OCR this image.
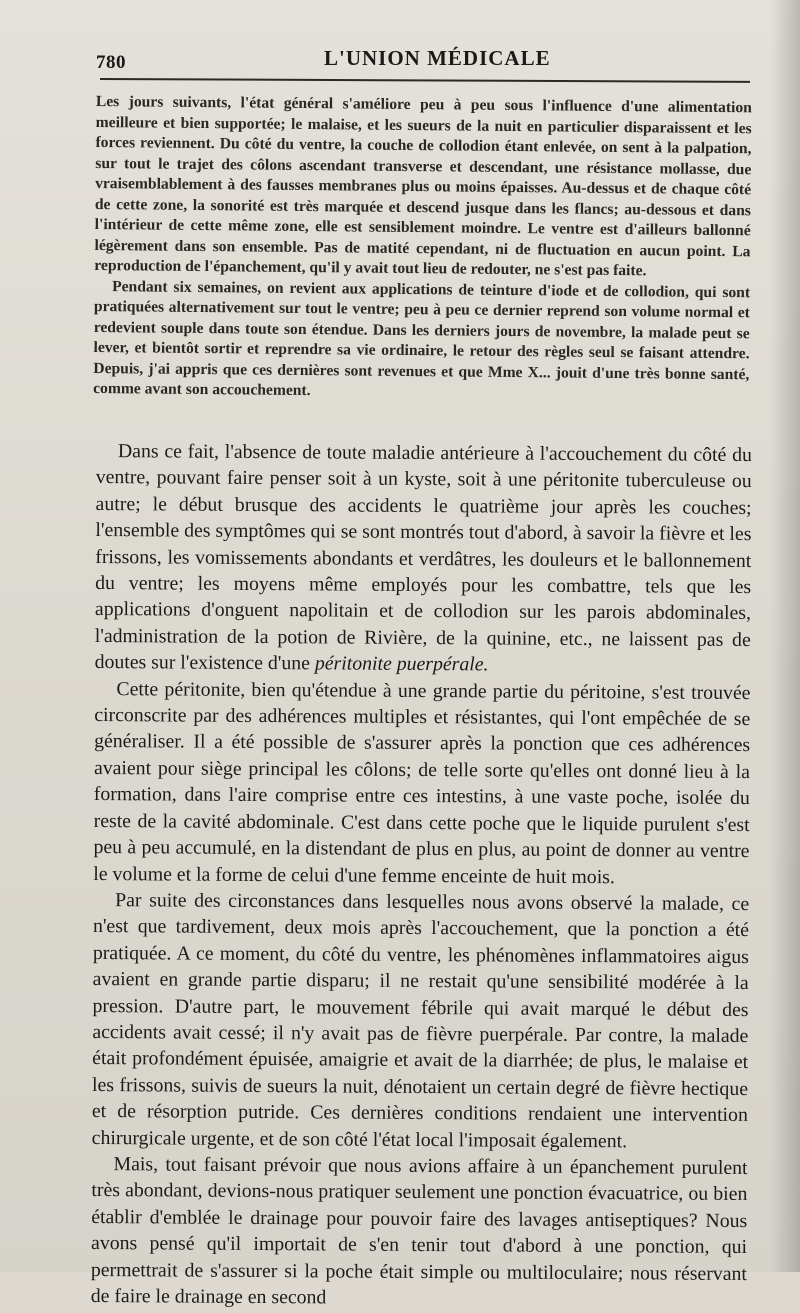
780	L'UNION MÉDICALE

Les jours suivants, l'état général s'améliore peu à peu sous l'influence d'une alimentation meilleure et bien supportée; le malaise, et les sueurs de la nuit en particulier disparaissent et les forces reviennent. Du côté du ventre, la couche de collodion étant enlevée, on sent à la palpation, sur tout le trajet des côlons ascendant transverse et descendant, une résistance mollasse, due vraisemblablement à des fausses membranes plus ou moins épaisses. Au-dessus et de chaque côté de cette zone, la sonorité est très marquée et descend jusque dans les flancs; au-dessous et dans l'intérieur de cette même zone, elle est sensiblement moindre. Le ventre est d'ailleurs ballonné légèrement dans son ensemble. Pas de matité cependant, ni de fluctuation en aucun point. La reproduction de l'épanchement, qu'il y avait tout lieu de redouter, ne s'est pas faite.

Pendant six semaines, on revient aux applications de teinture d'iode et de collodion, qui sont pratiquées alternativement sur tout le ventre; peu à peu ce dernier reprend son volume normal et redevient souple dans toute son étendue. Dans les derniers jours de novembre, la malade peut se lever, et bientôt sortir et reprendre sa vie ordinaire, le retour des règles seul se faisant attendre. Depuis, j'ai appris que ces dernières sont revenues et que Mme X... jouit d'une très bonne santé, comme avant son accouchement.

Dans ce fait, l'absence de toute maladie antérieure à l'accouchement du côté du ventre, pouvant faire penser soit à un kyste, soit à une péritonite tuberculeuse ou autre; le début brusque des accidents le quatrième jour après les couches; l'ensemble des symptômes qui se sont montrés tout d'abord, à savoir la fièvre et les frissons, les vomissements abondants et verdâtres, les douleurs et le ballonnement du ventre; les moyens même employés pour les combattre, tels que les applications d'onguent napolitain et de collodion sur les parois abdominales, l'administration de la potion de Rivière, de la quinine, etc., ne laissent pas de doutes sur l'existence d'une péritonite puerpérale.

Cette péritonite, bien qu'étendue à une grande partie du péritoine, s'est trouvée circonscrite par des adhérences multiples et résistantes, qui l'ont empêchée de se généraliser. Il a été possible de s'assurer après la ponction que ces adhérences avaient pour siège principal les côlons; de telle sorte qu'elles ont donné lieu à la formation, dans l'aire comprise entre ces intestins, à une vaste poche, isolée du reste de la cavité abdominale. C'est dans cette poche que le liquide purulent s'est peu à peu accumulé, en la distendant de plus en plus, au point de donner au ventre le volume et la forme de celui d'une femme enceinte de huit mois.

Par suite des circonstances dans lesquelles nous avons observé la malade, ce n'est que tardivement, deux mois après l'accouchement, que la ponction a été pratiquée. A ce moment, du côté du ventre, les phénomènes inflammatoires aigus avaient en grande partie disparu; il ne restait qu'une sensibilité modérée à la pression. D'autre part, le mouvement fébrile qui avait marqué le début des accidents avait cessé; il n'y avait pas de fièvre puerpérale. Par contre, la malade était profondément épuisée, amaigrie et avait de la diarrhée; de plus, le malaise et les frissons, suivis de sueurs la nuit, dénotaient un certain degré de fièvre hectique et de résorption putride. Ces dernières conditions rendaient une intervention chirurgicale urgente, et de son côté l'état local l'imposait également.

Mais, tout faisant prévoir que nous avions affaire à un épanchement purulent très abondant, devions-nous pratiquer seulement une ponction évacuatrice, ou bien établir d'emblée le drainage pour pouvoir faire des lavages antiseptiques? Nous avons pensé qu'il importait de s'en tenir tout d'abord à une ponction, qui permettrait de s'assurer si la poche était simple ou multiloculaire; nous réservant de faire le drainage en second
